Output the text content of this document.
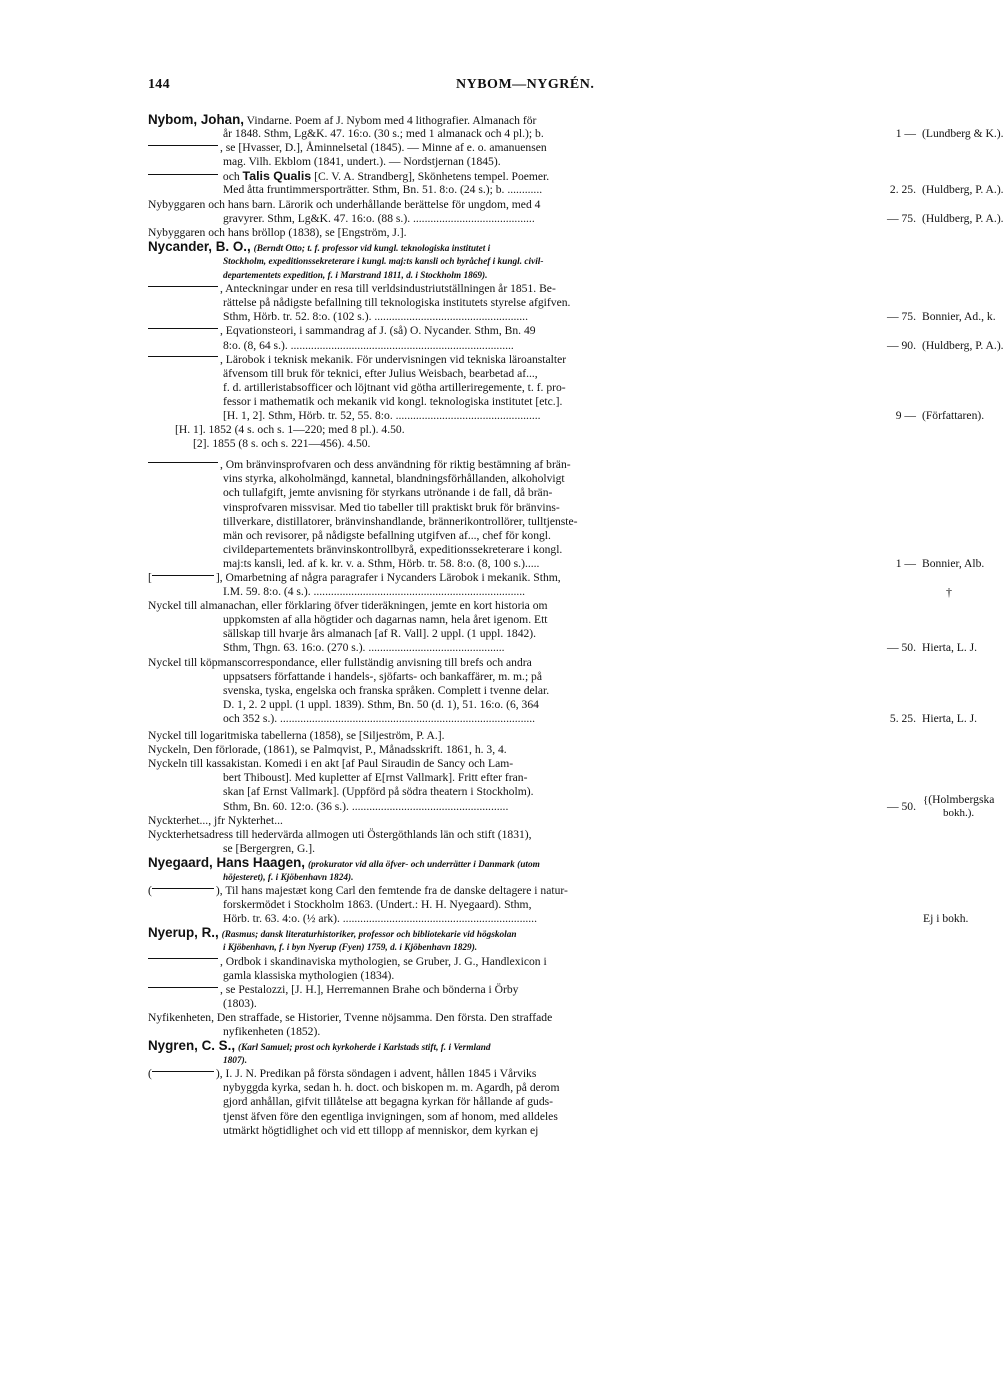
144	NYBOM—NYGRÉN.
Nybom, Johan, Vindarne. Poem af J. Nybom med 4 lithografier. Almanach för
år 1848. Sthm, Lg&K. 47. 16:o. (30 s.; med 1 almanack och 4 pl.); b.	1 — (Lundberg & K.).
, se [Hvasser, D.], Åminnelsetal (1845). — Minne af e. o. amanuensen
mag. Vilh. Ekblom (1841, undert.). — Nordstjernan (1845).
och Talis Qualis [C. V. A. Strandberg], Skönhetens tempel. Poemer.
Med åtta fruntimmersporträtter. Sthm, Bn. 51. 8:o. (24 s.); b. ............	2. 25. (Huldberg, P. A.).
Nybyggaren och hans barn. Lärorik och underhållande berättelse för ungdom, med 4
gravyrer. Sthm, Lg&K. 47. 16:o. (88 s.). ..........................................	— 75. (Huldberg, P. A.).
Nybyggaren och hans bröllop (1838), se [Engström, J.].
Nycander, B. O., (Berndt Otto; t. f. professor vid kungl. teknologiska institutet i
Stockholm, expeditionssekreterare i kungl. maj:ts kansli och byråchef i kungl. civil-
departementets expedition, f. i Marstrand 1811, d. i Stockholm 1869).
, Anteckningar under en resa till verldsindustriutställningen år 1851. Be-
rättelse på nådigste befallning till teknologiska institutets styrelse afgifven.
Sthm, Hörb. tr. 52. 8:o. (102 s.). .....................................................	— 75. Bonnier, Ad., k.
, Eqvationsteori, i sammandrag af J. (så) O. Nycander. Sthm, Bn. 49
8:o. (8, 64 s.). .............................................................................	— 90. (Huldberg, P. A.).
, Lärobok i teknisk mekanik. För undervisningen vid tekniska läroanstalter
äfvensom till bruk för teknici, efter Julius Weisbach, bearbetad af...,
f. d. artilleristabsofficer och löjtnant vid götha artilleriregemente, t. f. pro-
fessor i mathematik och mekanik vid kongl. teknologiska institutet [etc.].
[H. 1, 2]. Sthm, Hörb. tr. 52, 55. 8:o. ..................................................	9 — (Författaren).
[H. 1]. 1852 (4 s. och s. 1—220; med 8 pl.). 4.50.
[2]. 1855 (8 s. och s. 221—456). 4.50.
, Om bränvinsprofvaren och dess användning för riktig bestämning af brän-
vins styrka, alkoholmängd, kannetal, blandningsförhållanden, alkoholvigt
och tullafgift, jemte anvisning för styrkans utrönande i de fall, då brän-
vinsprofvaren missvisar. Med tio tabeller till praktiskt bruk för bränvins-
tillverkare, distillatorer, bränvinshandlande, brännerikontrollörer, tulltjenste-
män och revisorer, på nådigste befallning utgifven af..., chef för kongl.
civildepartementets bränvinskontrollbyrå, expeditionssekreterare i kongl.
maj:ts kansli, led. af k. kr. v. a. Sthm, Hörb. tr. 58. 8:o. (8, 100 s.).....	1 — Bonnier, Alb.
[	], Omarbetning af några paragrafer i Nycanders Lärobok i mekanik. Sthm,
I.M. 59. 8:o. (4 s.). .........................................................................	†
Nyckel till almanachan, eller förklaring öfver tideräkningen, jemte en kort historia om
uppkomsten af alla högtider och dagarnas namn, hela året igenom. Ett
sällskap till hvarje års almanach [af R. Vall]. 2 uppl. (1 uppl. 1842).
Sthm, Thgn. 63. 16:o. (270 s.). ...............................................	— 50. Hierta, L. J.
Nyckel till köpmanscorrespondance, eller fullständig anvisning till brefs och andra
uppsatsers författande i handels-, sjöfarts- och bankaffärer, m. m.; på
svenska, tyska, engelska och franska språken. Complett i tvenne delar.
D. 1, 2. 2 uppl. (1 uppl. 1839). Sthm, Bn. 50 (d. 1), 51. 16:o. (6, 364
och 352 s.). ........................................................................................	5. 25. Hierta, L. J.
Nyckel till logaritmiska tabellerna (1858), se [Siljeström, P. A.].
Nyckeln, Den förlorade, (1861), se Palmqvist, P., Månadsskrift. 1861, h. 3, 4.
Nyckeln till kassakistan. Komedi i en akt [af Paul Siraudin de Sancy och Lam-
bert Thiboust]. Med kupletter af E[rnst Vallmark]. Fritt efter fran-
skan [af Ernst Vallmark]. (Uppförd på södra theatern i Stockholm).
Sthm, Bn. 60. 12:o. (36 s.). ......................................................	— 50. {(Holmbergska
bokh.).
Nyckterhet..., jfr Nykterhet...
Nyckterhetsadress till hedervärda allmogen uti Östergöthlands län och stift (1831),
se [Bergergren, G.].
Nyegaard, Hans Haagen, (prokurator vid alla öfver- och underrätter i Danmark (utom
höjesteret), f. i Kjöbenhavn 1824).
(	), Til hans majestæt kong Carl den femtende fra de danske deltagere i natur-
forskermödet i Stockholm 1863. (Undert.: H. H. Nyegaard). Sthm,
Hörb. tr. 63. 4:o. (½ ark). ...................................................................	Ej i bokh.
Nyerup, R., (Rasmus; dansk literaturhistoriker, professor och bibliotekarie vid högskolan
i Kjöbenhavn, f. i byn Nyerup (Fyen) 1759, d. i Kjöbenhavn 1829).
, Ordbok i skandinaviska mythologien, se Gruber, J. G., Handlexicon i
gamla klassiska mythologien (1834).
, se Pestalozzi, [J. H.], Herremannen Brahe och bönderna i Örby
(1803).
Nyfikenheten, Den straffade, se Historier, Tvenne nöjsamma. Den första. Den straffade
nyfikenheten (1852).
Nygren, C. S., (Karl Samuel; prost och kyrkoherde i Karlstads stift, f. i Vermland
1807).
(	), I. J. N. Predikan på första söndagen i advent, hållen 1845 i Vårviks
nybyggda kyrka, sedan h. h. doct. och biskopen m. m. Agardh, på derom
gjord anhållan, gifvit tillåtelse att begagna kyrkan för hållande af guds-
tjenst äfven före den egentliga invigningen, som af honom, med alldeles
utmärkt högtidlighet och vid ett tillopp af menniskor, dem kyrkan ej
